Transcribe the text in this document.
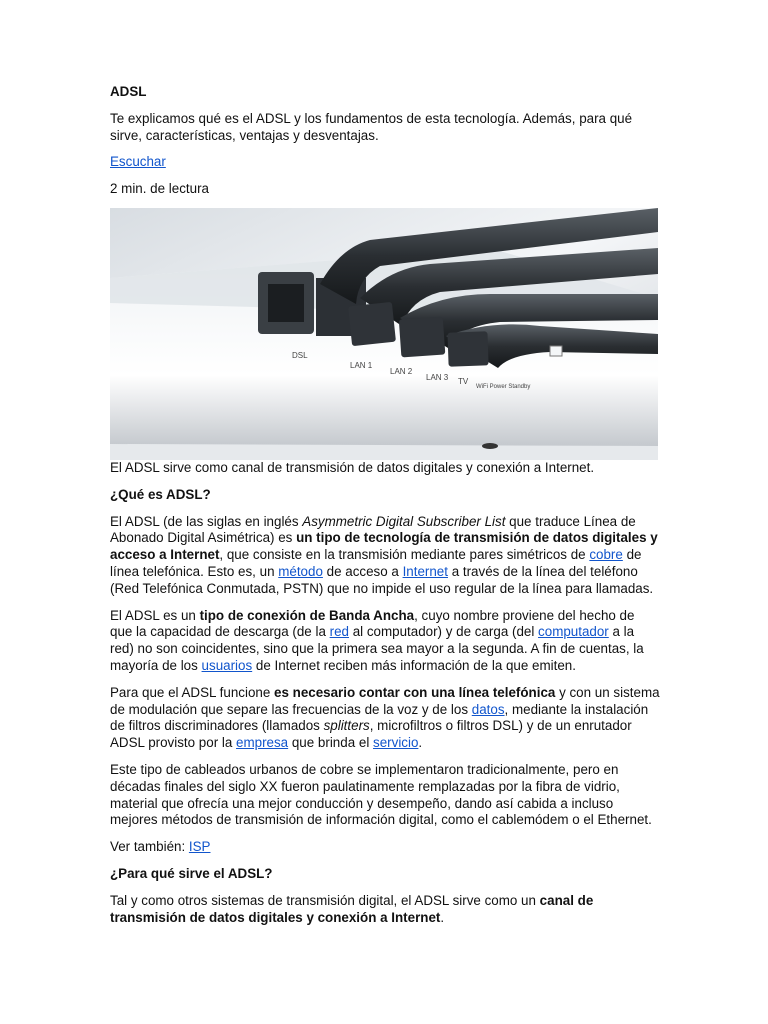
ADSL

Te explicamos qué es el ADSL y los fundamentos de esta tecnología. Además, para qué sirve, características, ventajas y desventajas.

Escuchar

2 min. de lectura

DSL
LAN 1
LAN 2
LAN 3 TV
WiFi Power Standby

El ADSL sirve como canal de transmisión de datos digitales y conexión a Internet.

¿Qué es ADSL?

El ADSL (de las siglas en inglés Asymmetric Digital Subscriber List que traduce Línea de Abonado Digital Asimétrica) es un tipo de tecnología de transmisión de datos digitales y acceso a Internet, que consiste en la transmisión mediante pares simétricos de cobre de línea telefónica. Esto es, un método de acceso a Internet a través de la línea del teléfono (Red Telefónica Conmutada, PSTN) que no impide el uso regular de la línea para llamadas.

El ADSL es un tipo de conexión de Banda Ancha, cuyo nombre proviene del hecho de que la capacidad de descarga (de la red al computador) y de carga (del computador a la red) no son coincidentes, sino que la primera sea mayor a la segunda. A fin de cuentas, la mayoría de los usuarios de Internet reciben más información de la que emiten.

Para que el ADSL funcione es necesario contar con una línea telefónica y con un sistema de modulación que separe las frecuencias de la voz y de los datos, mediante la instalación de filtros discriminadores (llamados splitters, microfiltros o filtros DSL) y de un enrutador ADSL provisto por la empresa que brinda el servicio.

Este tipo de cableados urbanos de cobre se implementaron tradicionalmente, pero en décadas finales del siglo XX fueron paulatinamente remplazadas por la fibra de vidrio, material que ofrecía una mejor conducción y desempeño, dando así cabida a incluso mejores métodos de transmisión de información digital, como el cablemódem o el Ethernet.

Ver también: ISP

¿Para qué sirve el ADSL?

Tal y como otros sistemas de transmisión digital, el ADSL sirve como un canal de transmisión de datos digitales y conexión a Internet.
